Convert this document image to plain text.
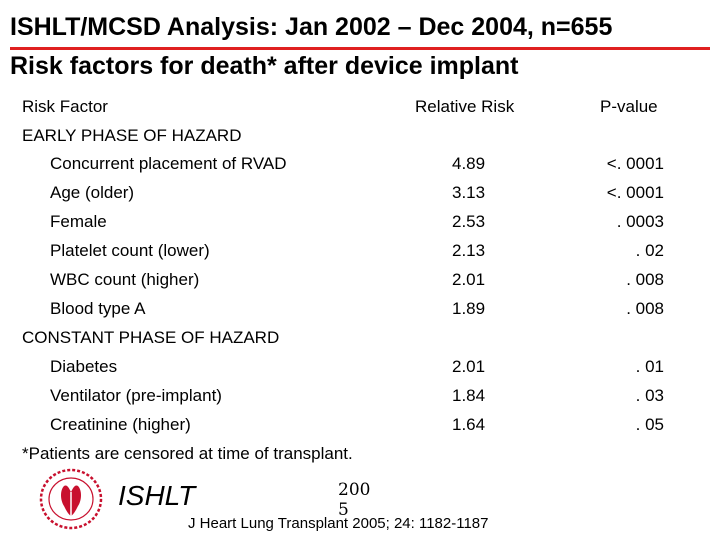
ISHLT/MCSD Analysis: Jan 2002 – Dec 2004, n=655
Risk factors for death* after device implant
Risk Factor	Relative Risk	P-value
EARLY PHASE OF HAZARD
Concurrent placement of RVAD	4.89	<. 0001
Age (older)	3.13	<. 0001
Female	2.53	. 0003
Platelet count (lower)	2.13	. 02
WBC count (higher)	2.01	. 008
Blood type A	1.89	. 008
CONSTANT PHASE OF HAZARD
Diabetes	2.01	. 01
Ventilator (pre-implant)	1.84	. 03
Creatinine (higher)	1.64	. 05
*Patients are censored at time of transplant.
ISHLT	2005
J Heart Lung Transplant 2005; 24: 1182-1187
